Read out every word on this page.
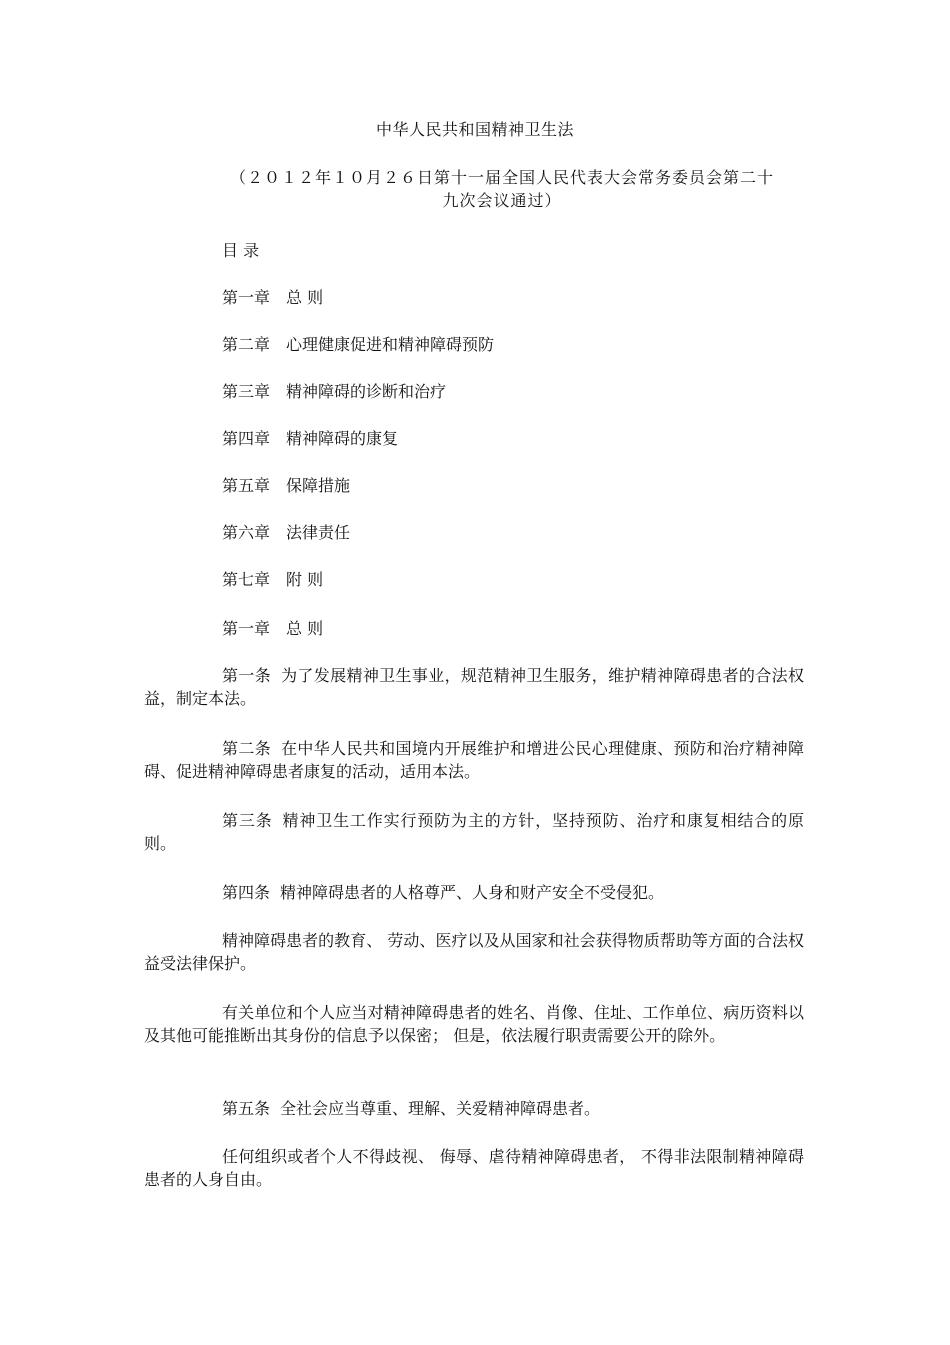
中华人民共和国精神卫生法
（２０１２年１０月２６日第十一届全国人民代表大会常务委员会第二十九次会议通过）
目 录
第一章 总 则
第二章 心理健康促进和精神障碍预防
第三章 精神障碍的诊断和治疗
第四章 精神障碍的康复
第五章 保障措施
第六章 法律责任
第七章 附 则
第一章 总 则

第一条 为了发展精神卫生事业，规范精神卫生服务，维护精神障碍患者的合法权益，制定本法。

第二条 在中华人民共和国境内开展维护和增进公民心理健康、预防和治疗精神障碍、促进精神障碍患者康复的活动，适用本法。

第三条 精神卫生工作实行预防为主的方针，坚持预防、治疗和康复相结合的原则。

第四条 精神障碍患者的人格尊严、人身和财产安全不受侵犯。

精神障碍患者的教育、 劳动、医疗以及从国家和社会获得物质帮助等方面的合法权益受法律保护。

有关单位和个人应当对精神障碍患者的姓名、肖像、住址、工作单位、病历资料以及其他可能推断出其身份的信息予以保密； 但是，依法履行职责需要公开的除外。

第五条 全社会应当尊重、理解、关爱精神障碍患者。

任何组织或者个人不得歧视、 侮辱、虐待精神障碍患者， 不得非法限制精神障碍患者的人身自由。
